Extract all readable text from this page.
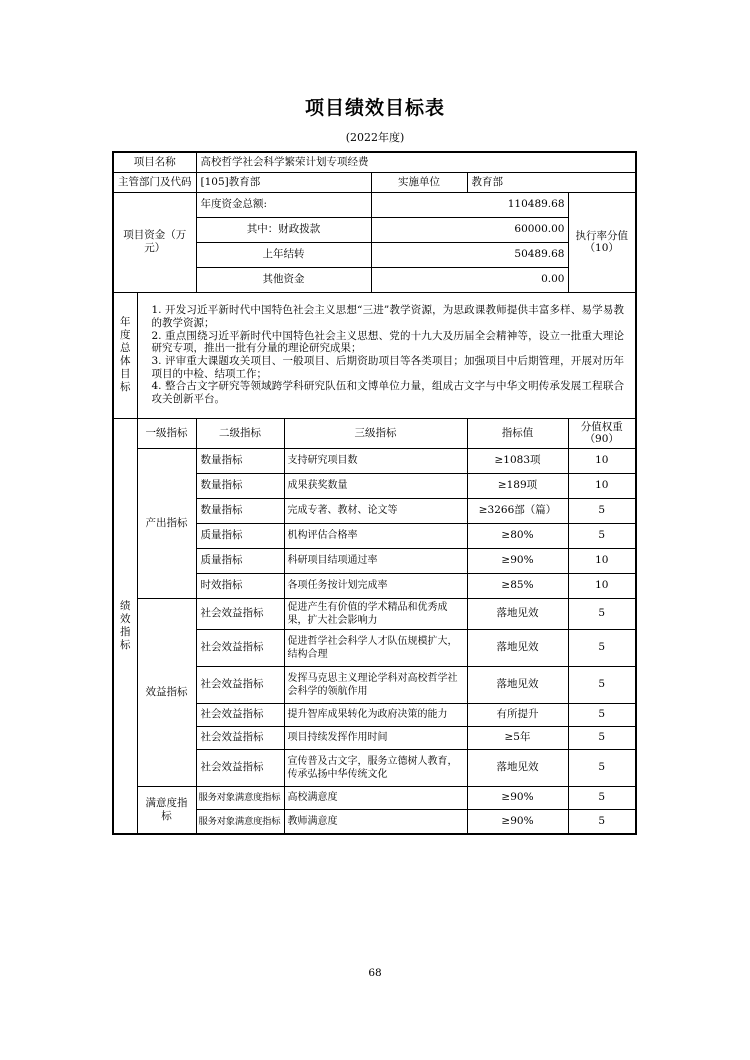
项目绩效目标表
(2022年度)
项目名称		高校哲学社会科学繁荣计划专项经费				
主管部门及代码		[105]教育部		实施单位	教育部	
项目资金（万元）		年度资金总额:		110489.68		执行率分值
（10）

		其中：财政拨款		60000.00		
		上年结转		50489.68		
		其他资金		0.00		

年度
总体
目标

1. 开发习近平新时代中国特色社会主义思想“三进”教学资源，为思政课教师提供丰富多样、易学易教的教学资源；
2. 重点围绕习近平新时代中国特色社会主义思想、党的十九大及历届全会精神等，设立一批重大理论研究专项，推出一批有分量的理论研究成果；
3. 评审重大课题攻关项目、一般项目、后期资助项目等各类项目；加强项目中后期管理，开展对历年项目的中检、结项工作；
4. 整合古文字研究等领域跨学科研究队伍和文博单位力量，组成古文字与中华文明传承发展工程联合攻关创新平台。

绩效
指标
	一级指标	二级指标	三级指标	指标值	分值权重
（90）

	产出指标	数量指标	支持研究项目数		≥1083项	10
		数量指标	成果获奖数量		≥189项	10
		数量指标	完成专著、教材、论文等		≥3266部（篇）	5
		质量指标	机构评估合格率		≥80%	5
		质量指标	科研项目结项通过率		≥90%	10
		时效指标	各项任务按计划完成率		≥85%	10
	效益指标	社会效益指标	促进产生有价值的学术精品和优秀成果，扩大社会影响力		落地见效	5
		社会效益指标	促进哲学社会科学人才队伍规模扩大，结构合理		落地见效	5
		社会效益指标	发挥马克思主义理论学科对高校哲学社会科学的领航作用		落地见效	5
		社会效益指标	提升智库成果转化为政府决策的能力		有所提升	5
		社会效益指标	项目持续发挥作用时间		≥5年	5
		社会效益指标	宣传普及古文字，服务立德树人教育，传承弘扬中华传统文化		落地见效	5
	满意度指标	服务对象满意度指标	高校满意度		≥90%	5
		服务对象满意度指标	教师满意度		≥90%	5
68
